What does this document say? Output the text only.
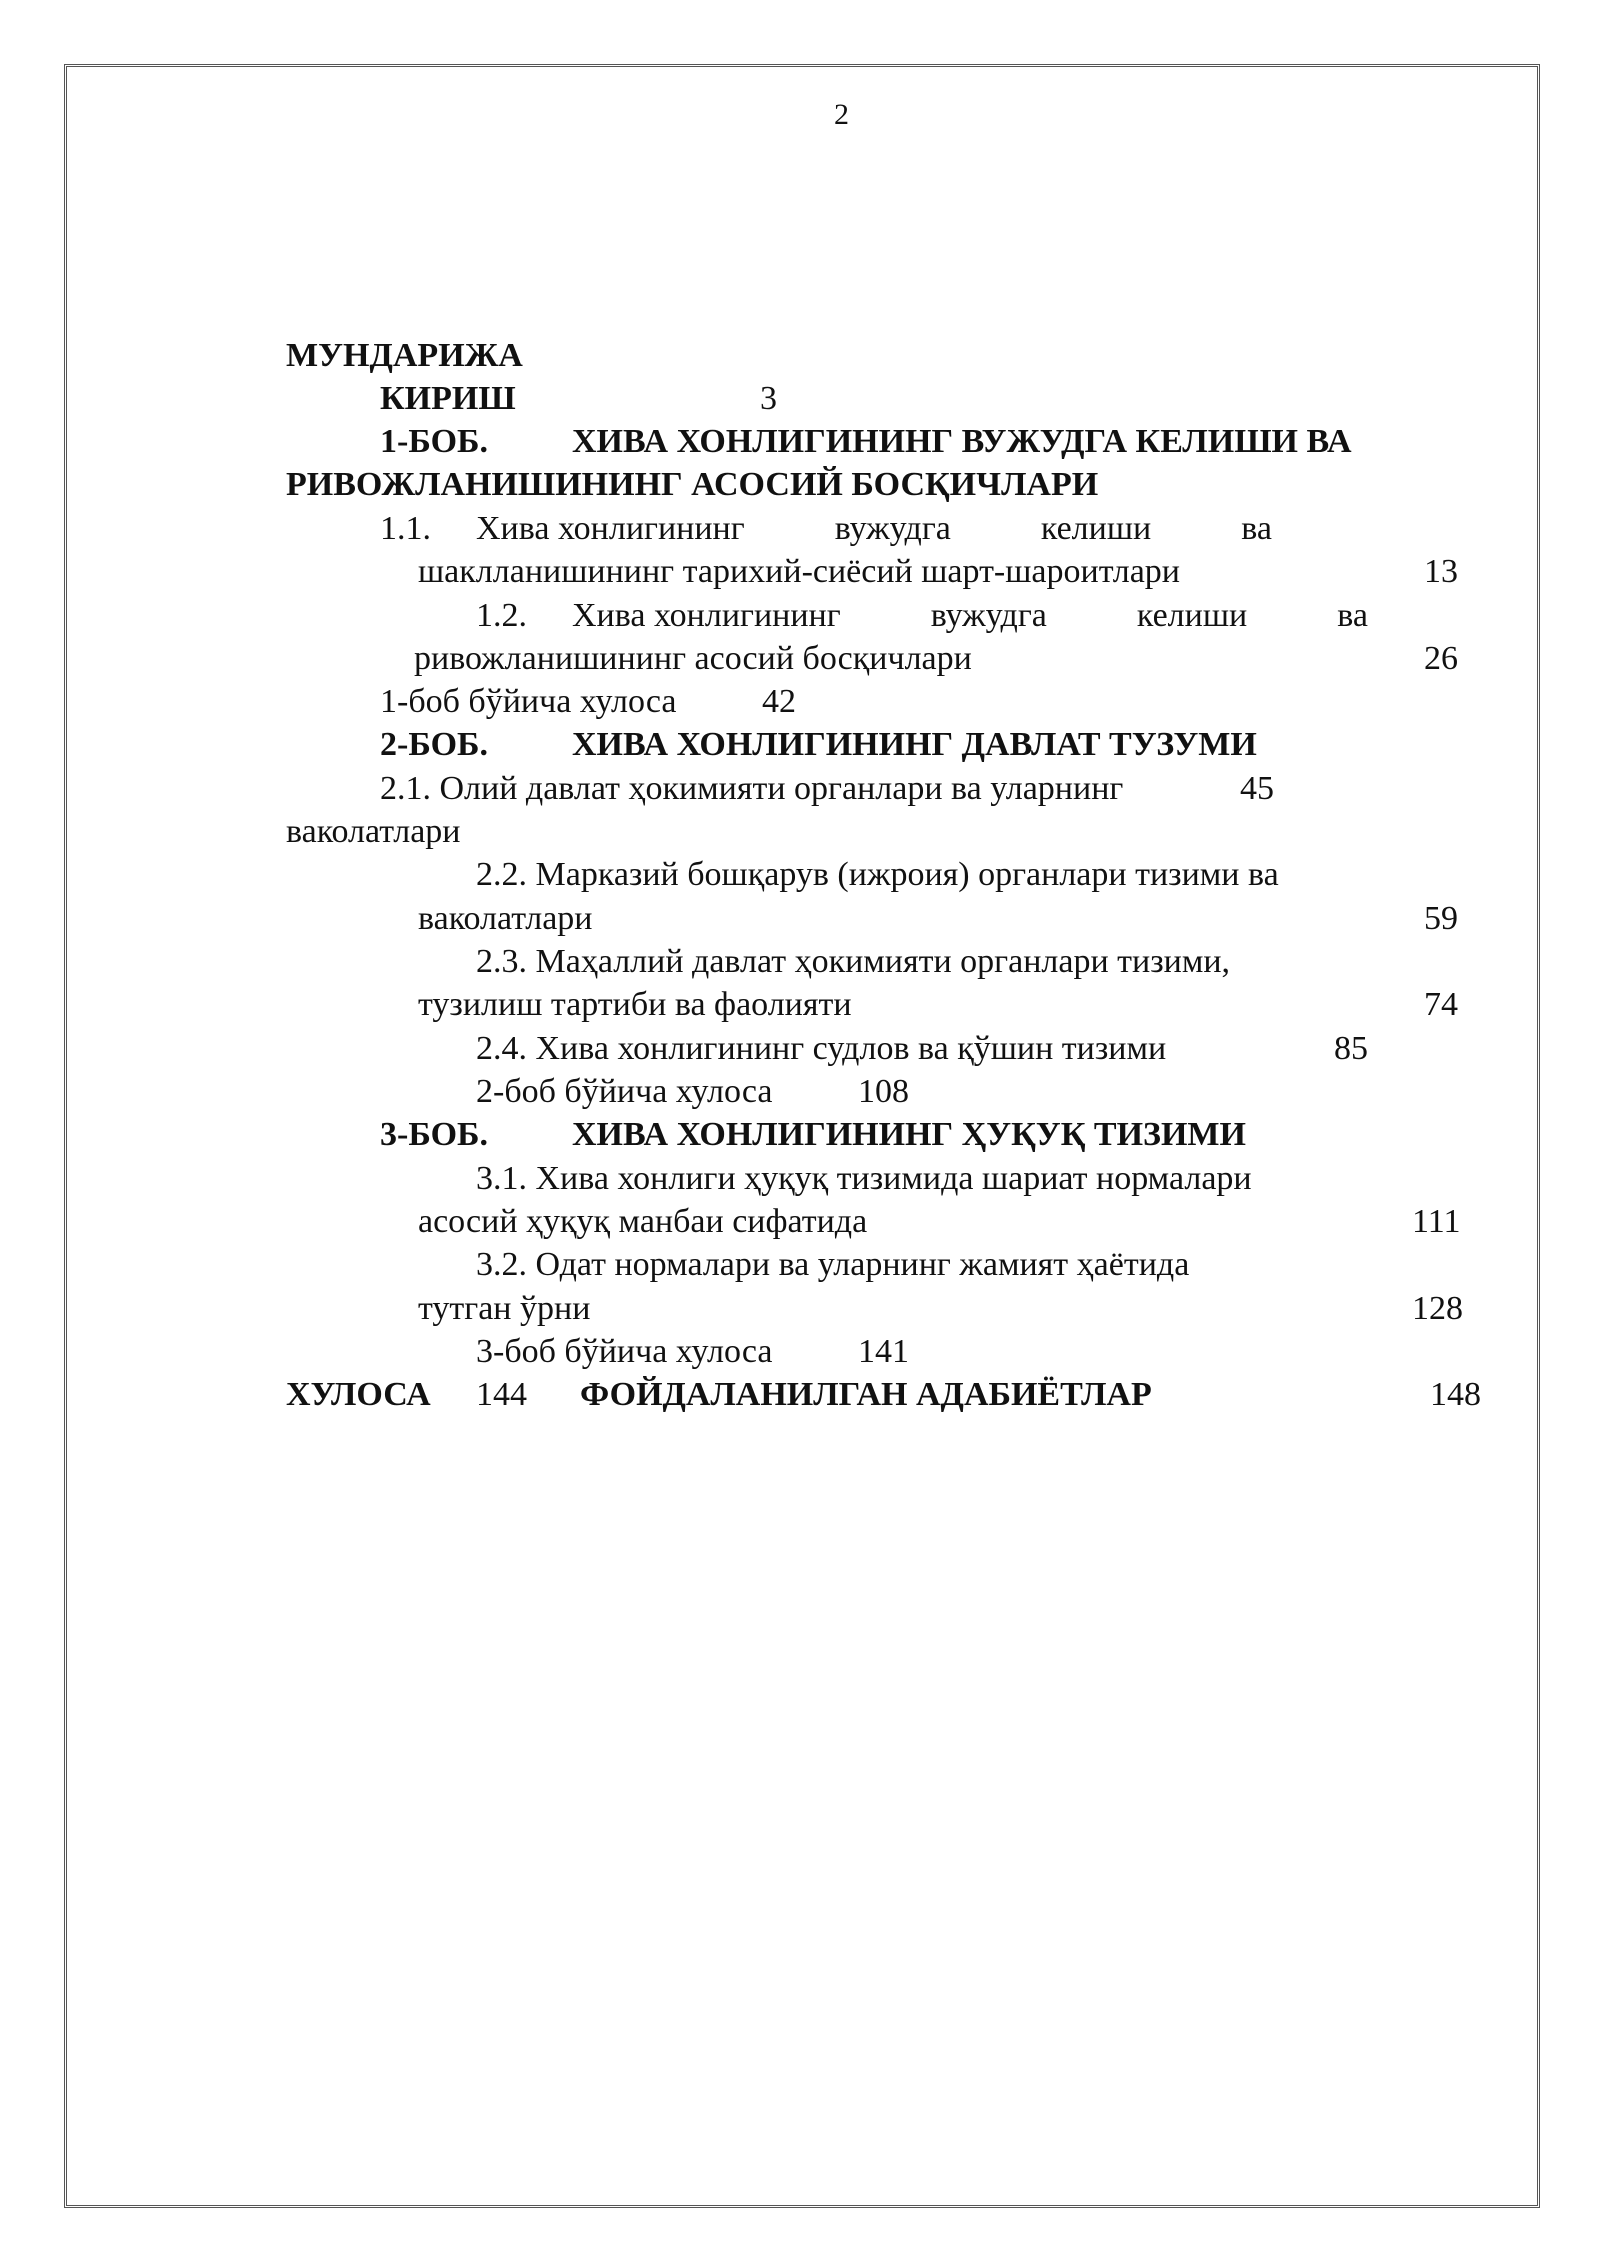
2
МУНДАРИЖА
КИРИШ	3
1-БОБ. ХИВА ХОНЛИГИНИНГ ВУЖУДГА КЕЛИШИ ВА
РИВОЖЛАНИШИНИНГ АСОСИЙ БОСҚИЧЛАРИ
1.1. Хива хонлигининг	вужудга	келиши	ва
шаклланишининг тарихий-сиёсий шарт-шароитлари	13
1.2. Хива хонлигининг	вужудга	келиши	ва
ривожланишининг асосий босқичлари	26
1-боб бўйича хулоса	42
2-БОБ. ХИВА ХОНЛИГИНИНГ ДАВЛАТ ТУЗУМИ
2.1. Олий давлат ҳокимияти органлари ва уларнинг	45
ваколатлари
2.2. Марказий бошқарув (ижроия) органлари тизими ва
ваколатлари	59
2.3. Маҳаллий давлат ҳокимияти органлари тизими,
тузилиш тартиби ва фаолияти	74
2.4. Хива хонлигининг судлов ва қўшин тизими	85
2-боб бўйича хулоса	108
3-БОБ. ХИВА ХОНЛИГИНИНГ ҲУҚУҚ ТИЗИМИ
3.1. Хива хонлиги ҳуқуқ тизимида шариат нормалари
асосий ҳуқуқ манбаи сифатида	111
3.2. Одат нормалари ва уларнинг жамият ҳаётида
тутган ўрни	128
3-боб бўйича хулоса	141
ХУЛОСА 144 ФОЙДАЛАНИЛГАН АДАБИЁТЛАР	148
